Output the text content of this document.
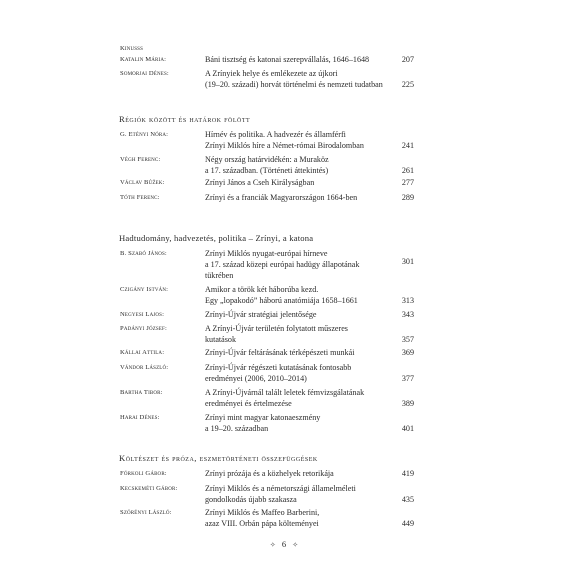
Kinusss
Katalin Mária:	Báni tisztség és katonai szerepvállalás, 1646–1648	207
Somorjai Dénes:	A Zrínyiek helye és emlékezete az újkori
(19–20. századi) horvát történelmi és nemzeti tudatban	225
Régiók között és határok fölött
G. Etényi Nóra:	Hírnév és politika. A hadvezér és államférfi
Zrínyi Miklós híre a Német-római Birodalomban	241
Végh Ferenc:	Négy ország határvidékén: a Muraköz
a 17. században. (Történeti áttekintés)	261
Václav Bůžek:	Zrínyi János a Cseh Királyságban	277
Tóth Ferenc:	Zrínyi és a franciák Magyarországon 1664-ben	289
Hadtudomány, hadvezetés, politika – Zrínyi, a katona
B. Szabó János:	Zrínyi Miklós nyugat-európai hírneve
a 17. század közepi európai hadügy állapotának
tükrében
301
Czigány István:	Amikor a török két háborúba kezd.
Egy „lopakodó” háború anatómiája 1658–1661	313
Negyesi Lajos:	Zrínyi-Újvár stratégiai jelentősége	343
Padányi József:	A Zrínyi-Újvár területén folytatott műszeres
kutatások	357
Kállai Attila:	Zrínyi-Újvár feltárásának térképészeti munkái	369
Vándor László:	Zrínyi-Újvár régészeti kutatásának fontosabb
eredményei (2006, 2010–2014)	377
Bartha Tibor:	A Zrínyi-Újvárnál talált leletek fémvizsgálatának
eredményei és értelmezése	389
Harai Dénes:	Zrínyi mint magyar katonaeszmény
a 19–20. században	401
Költészet és próza, eszmetörténeti összefüggések
Fórkoli Gábor:	Zrínyi prózája és a közhelyek retorikája	419
Kecskeméti Gábor:	Zrínyi Miklós és a németországi államelméleti
gondolkodás újabb szakasza	435
Szörényi László:	Zrínyi Miklós és Maffeo Barberini,
azaz VIII. Orbán pápa költeményei	449
✧ 6 ✧
